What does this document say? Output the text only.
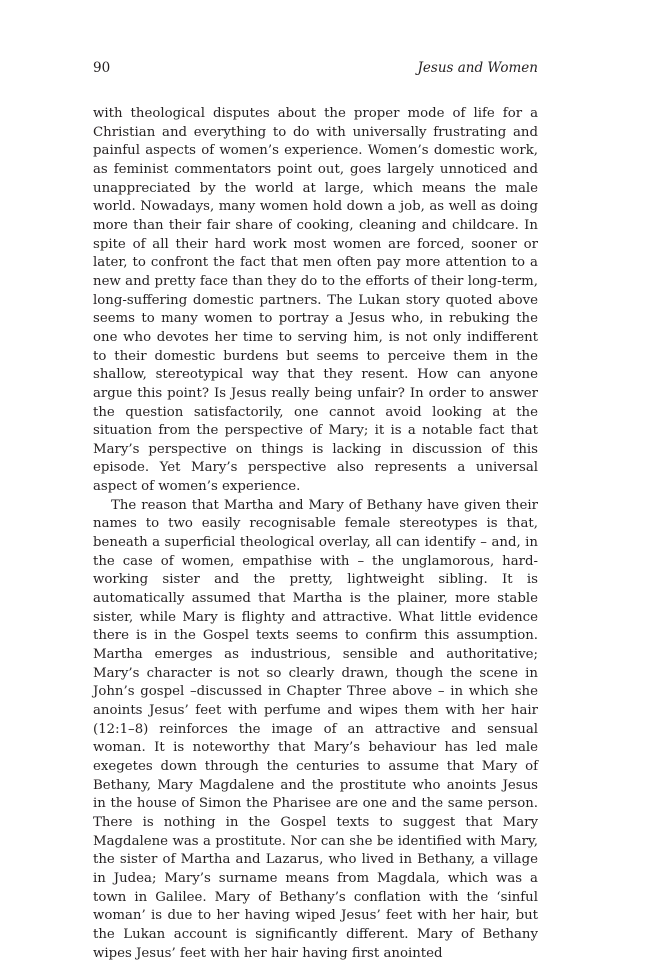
90	Jesus and Women

with theological disputes about the proper mode of life for a Christian and everything to do with universally frustrating and painful aspects of women’s experience. Women’s domestic work, as feminist commentators point out, goes largely unnoticed and unappreciated by the world at large, which means the male world. Nowadays, many women hold down a job, as well as doing more than their fair share of cooking, cleaning and childcare. In spite of all their hard work most women are forced, sooner or later, to confront the fact that men often pay more attention to a new and pretty face than they do to the efforts of their long-term, long-suffering domestic partners. The Lukan story quoted above seems to many women to portray a Jesus who, in rebuking the one who devotes her time to serving him, is not only indifferent to their domestic burdens but seems to perceive them in the shallow, stereotypical way that they resent. How can anyone argue this point? Is Jesus really being unfair? In order to answer the question satisfactorily, one cannot avoid looking at the situation from the perspective of Mary; it is a notable fact that Mary’s perspective on things is lacking in discussion of this episode. Yet Mary’s perspective also represents a universal aspect of women’s experience.

The reason that Martha and Mary of Bethany have given their names to two easily recognisable female stereotypes is that, beneath a superficial theological overlay, all can identify – and, in the case of women, empathise with – the unglamorous, hard-working sister and the pretty, lightweight sibling. It is automatically assumed that Martha is the plainer, more stable sister, while Mary is flighty and attractive. What little evidence there is in the Gospel texts seems to confirm this assumption. Martha emerges as industrious, sensible and authoritative; Mary’s character is not so clearly drawn, though the scene in John’s gospel –discussed in Chapter Three above – in which she anoints Jesus’ feet with perfume and wipes them with her hair (12:1–8) reinforces the image of an attractive and sensual woman. It is noteworthy that Mary’s behaviour has led male exegetes down through the centuries to assume that Mary of Bethany, Mary Magdalene and the prostitute who anoints Jesus in the house of Simon the Pharisee are one and the same person. There is nothing in the Gospel texts to suggest that Mary Magdalene was a prostitute. Nor can she be identified with Mary, the sister of Martha and Lazarus, who lived in Bethany, a village in Judea; Mary’s surname means from Magdala, which was a town in Galilee. Mary of Bethany’s conflation with the ‘sinful woman’ is due to her having wiped Jesus’ feet with her hair, but the Lukan account is significantly different. Mary of Bethany wipes Jesus’ feet with her hair having first anointed
